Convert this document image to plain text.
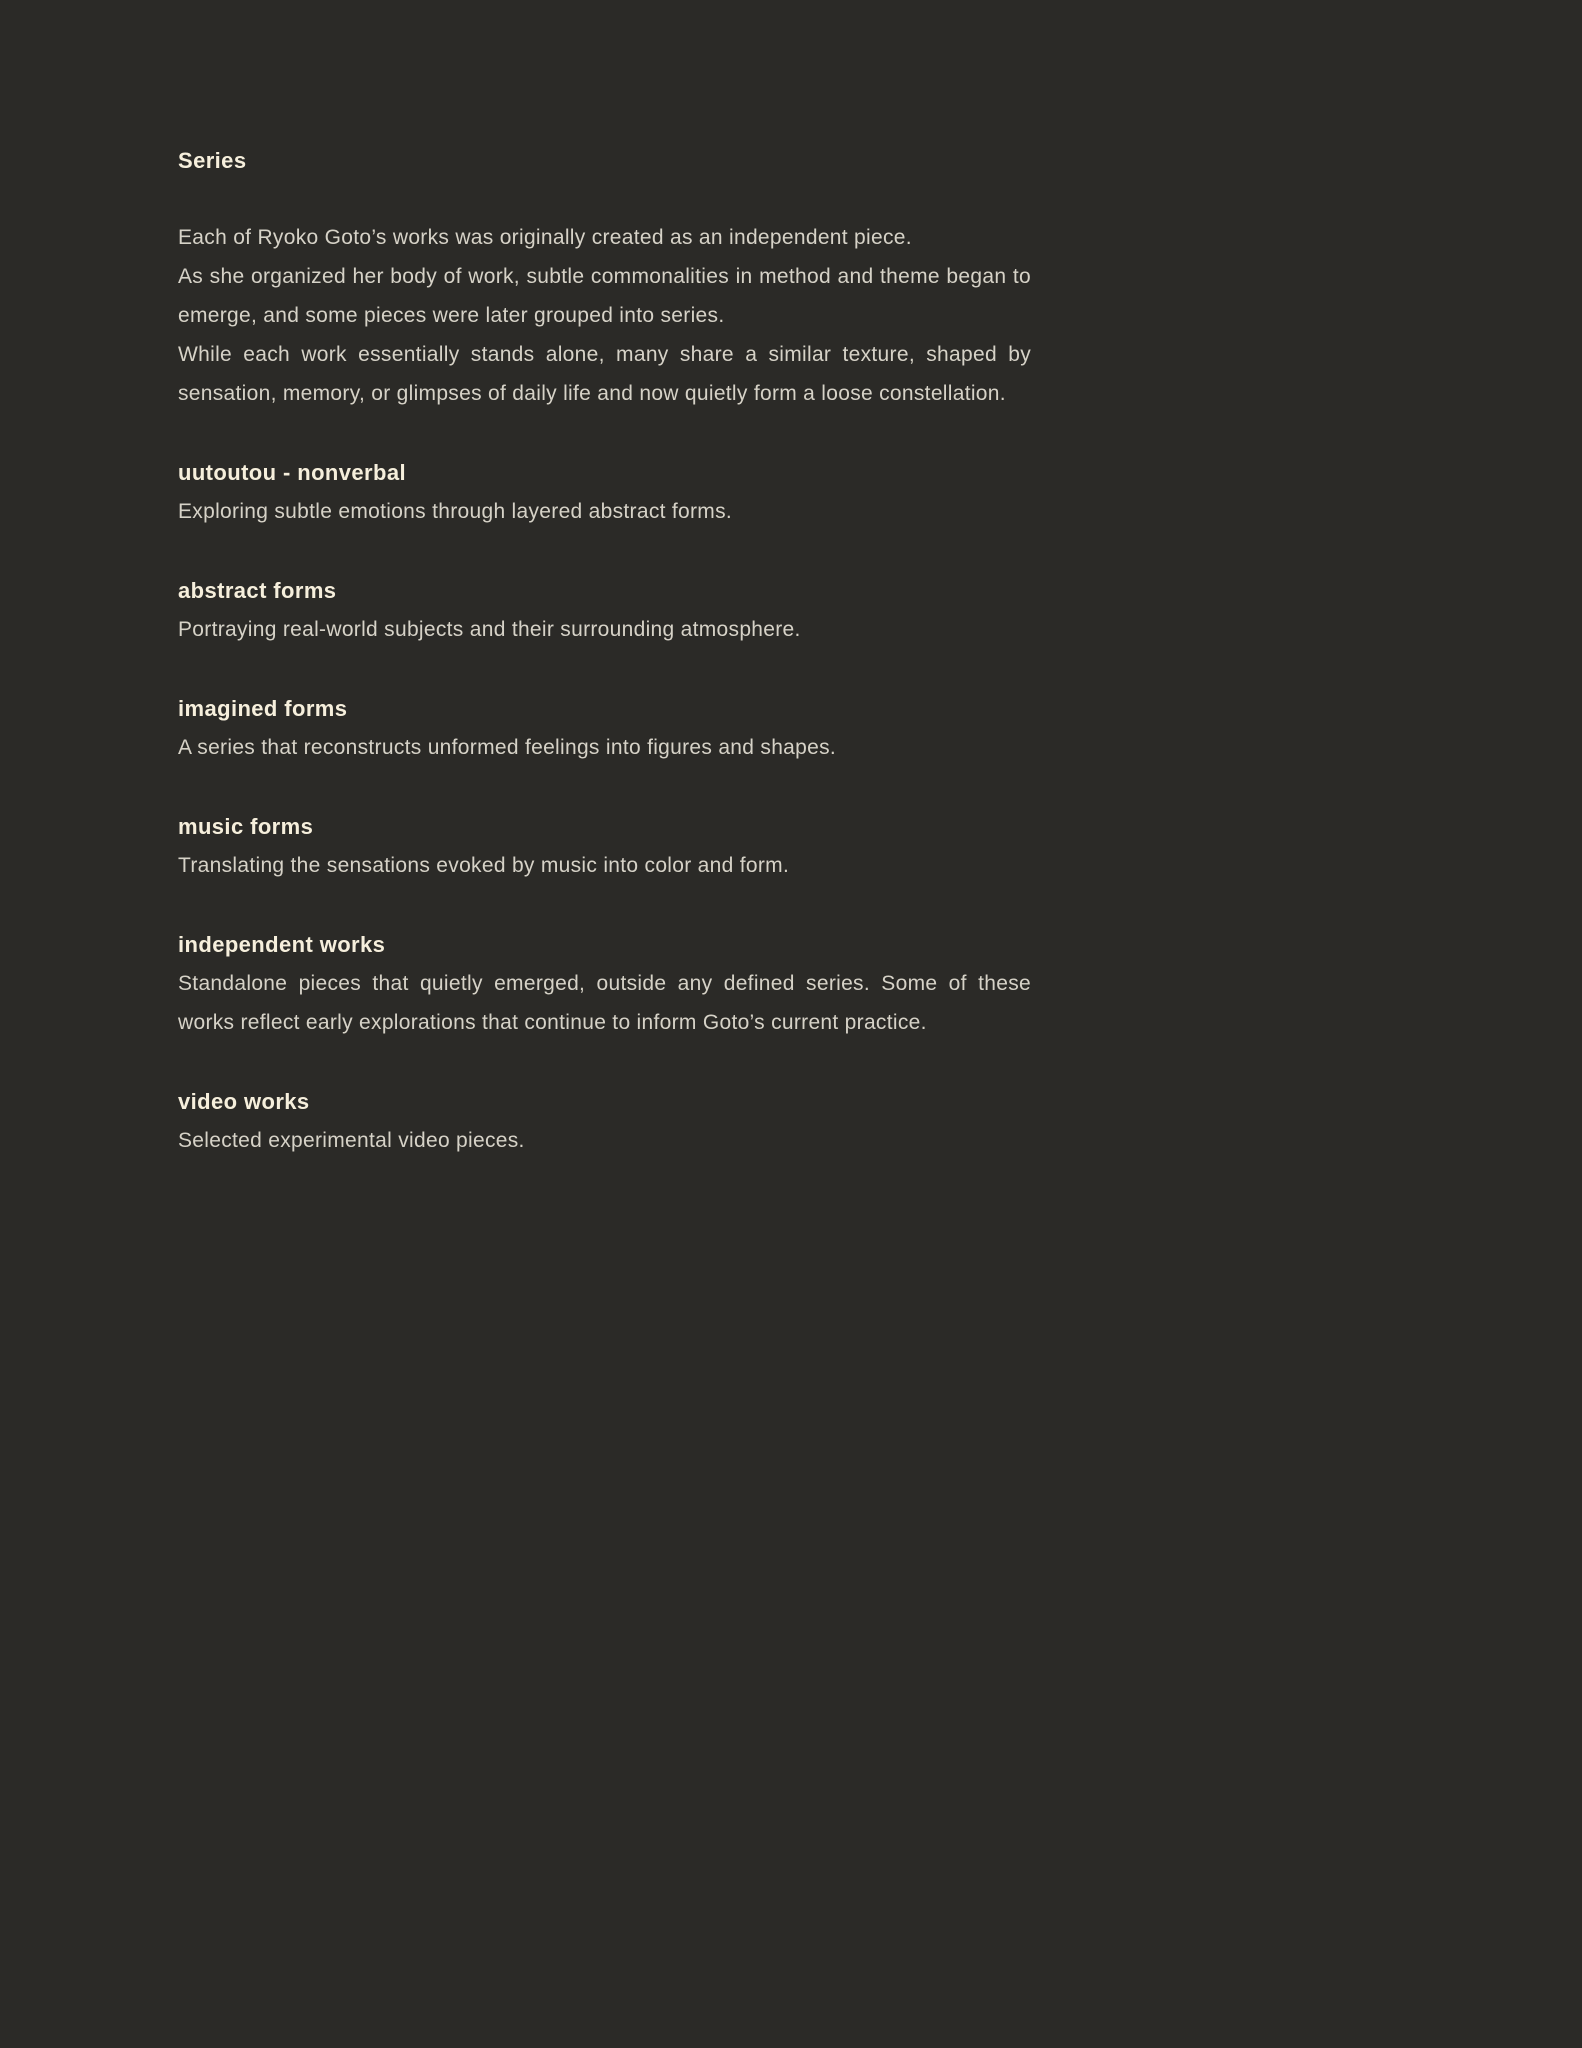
Series

Each of Ryoko Goto’s works was originally created as an independent piece.

As she organized her body of work, subtle commonalities in method and theme began to emerge, and some pieces were later grouped into series.

While each work essentially stands alone, many share a similar texture, shaped by sensation, memory, or glimpses of daily life and now quietly form a loose constellation.

uutoutou - nonverbal

Exploring subtle emotions through layered abstract forms.

abstract forms

Portraying real-world subjects and their surrounding atmosphere.

imagined forms

A series that reconstructs unformed feelings into figures and shapes.

music forms

Translating the sensations evoked by music into color and form.

independent works

Standalone pieces that quietly emerged, outside any defined series. Some of these works reflect early explorations that continue to inform Goto’s current practice.

video works

Selected experimental video pieces.
